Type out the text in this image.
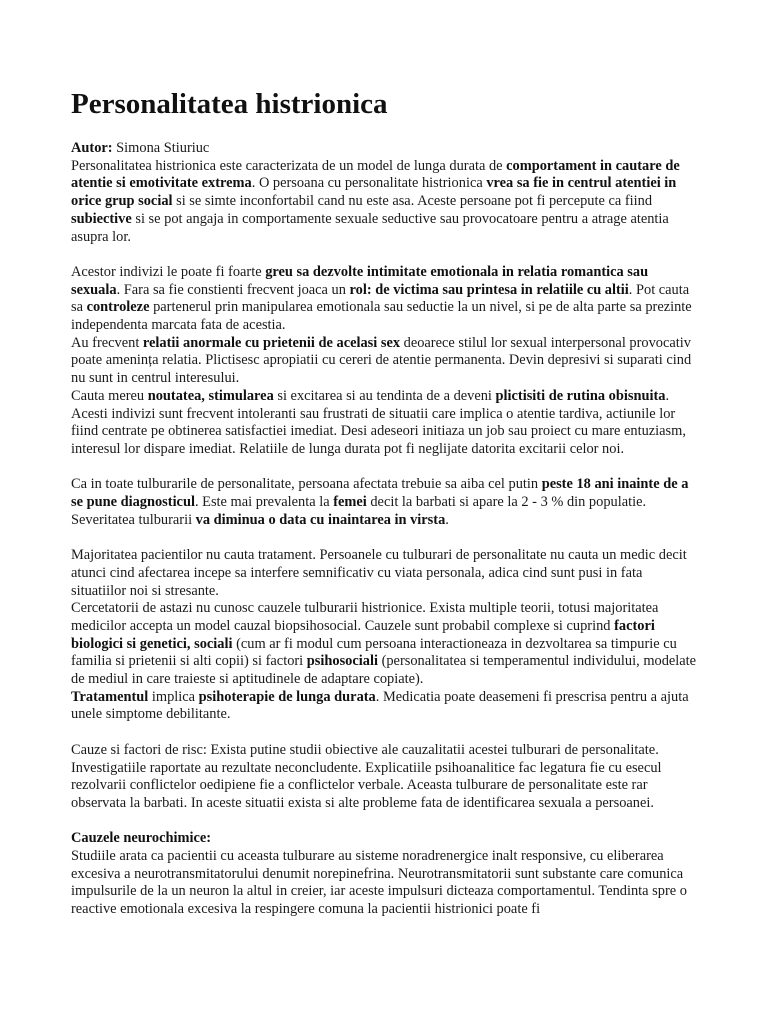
Personalitatea histrionica

Autor: Simona Stiuriuc

Personalitatea histrionica este caracterizata de un model de lunga durata de comportament in cautare de atentie si emotivitate extrema. O persoana cu personalitate histrionica vrea sa fie in centrul atentiei in orice grup social si se simte inconfortabil cand nu este asa. Aceste persoane pot fi percepute ca fiind subiective si se pot angaja in comportamente sexuale seductive sau provocatoare pentru a atrage atentia asupra lor.

Acestor indivizi le poate fi foarte greu sa dezvolte intimitate emotionala in relatia romantica sau sexuala. Fara sa fie constienti frecvent joaca un rol: de victima sau printesa in relatiile cu altii. Pot cauta sa controleze partenerul prin manipularea emotionala sau seductie la un nivel, si pe de alta parte sa prezinte independenta marcata fata de acestia.

Au frecvent relatii anormale cu prietenii de acelasi sex deoarece stilul lor sexual interpersonal provocativ poate amenința relatia. Plictisesc apropiatii cu cereri de atentie permanenta. Devin depresivi si suparati cind nu sunt in centrul interesului.

Cauta mereu noutatea, stimularea si excitarea si au tendinta de a deveni plictisiti de rutina obisnuita. Acesti indivizi sunt frecvent intoleranti sau frustrati de situatii care implica o atentie tardiva, actiunile lor fiind centrate pe obtinerea satisfactiei imediat. Desi adeseori initiaza un job sau proiect cu mare entuziasm, interesul lor dispare imediat. Relatiile de lunga durata pot fi neglijate datorita excitarii celor noi.

Ca in toate tulburarile de personalitate, persoana afectata trebuie sa aiba cel putin peste 18 ani inainte de a se pune diagnosticul. Este mai prevalenta la femei decit la barbati si apare la 2 - 3 % din populatie. Severitatea tulburarii va diminua o data cu inaintarea in virsta.

Majoritatea pacientilor nu cauta tratament. Persoanele cu tulburari de personalitate nu cauta un medic decit atunci cind afectarea incepe sa interfere semnificativ cu viata personala, adica cind sunt pusi in fata situatiilor noi si stresante.

Cercetatorii de astazi nu cunosc cauzele tulburarii histrionice. Exista multiple teorii, totusi majoritatea medicilor accepta un model cauzal biopsihosocial. Cauzele sunt probabil complexe si cuprind factori biologici si genetici, sociali (cum ar fi modul cum persoana interactioneaza in dezvoltarea sa timpurie cu familia si prietenii si alti copii) si factori psihosociali (personalitatea si temperamentul individului, modelate de mediul in care traieste si aptitudinele de adaptare copiate).

Tratamentul implica psihoterapie de lunga durata. Medicatia poate deasemeni fi prescrisa pentru a ajuta unele simptome debilitante.

Cauze si factori de risc: Exista putine studii obiective ale cauzalitatii acestei tulburari de personalitate. Investigatiile raportate au rezultate neconcludente. Explicatiile psihoanalitice fac legatura fie cu esecul rezolvarii conflictelor oedipiene fie a conflictelor verbale. Aceasta tulburare de personalitate este rar observata la barbati. In aceste situatii exista si alte probleme fata de identificarea sexuala a persoanei.

Cauzele neurochimice:

Studiile arata ca pacientii cu aceasta tulburare au sisteme noradrenergice inalt responsive, cu eliberarea excesiva a neurotransmitatorului denumit norepinefrina. Neurotransmitatorii sunt substante care comunica impulsurile de la un neuron la altul in creier, iar aceste impulsuri dicteaza comportamentul. Tendinta spre o reactive emotionala excesiva la respingere comuna la pacientii histrionici poate fi
